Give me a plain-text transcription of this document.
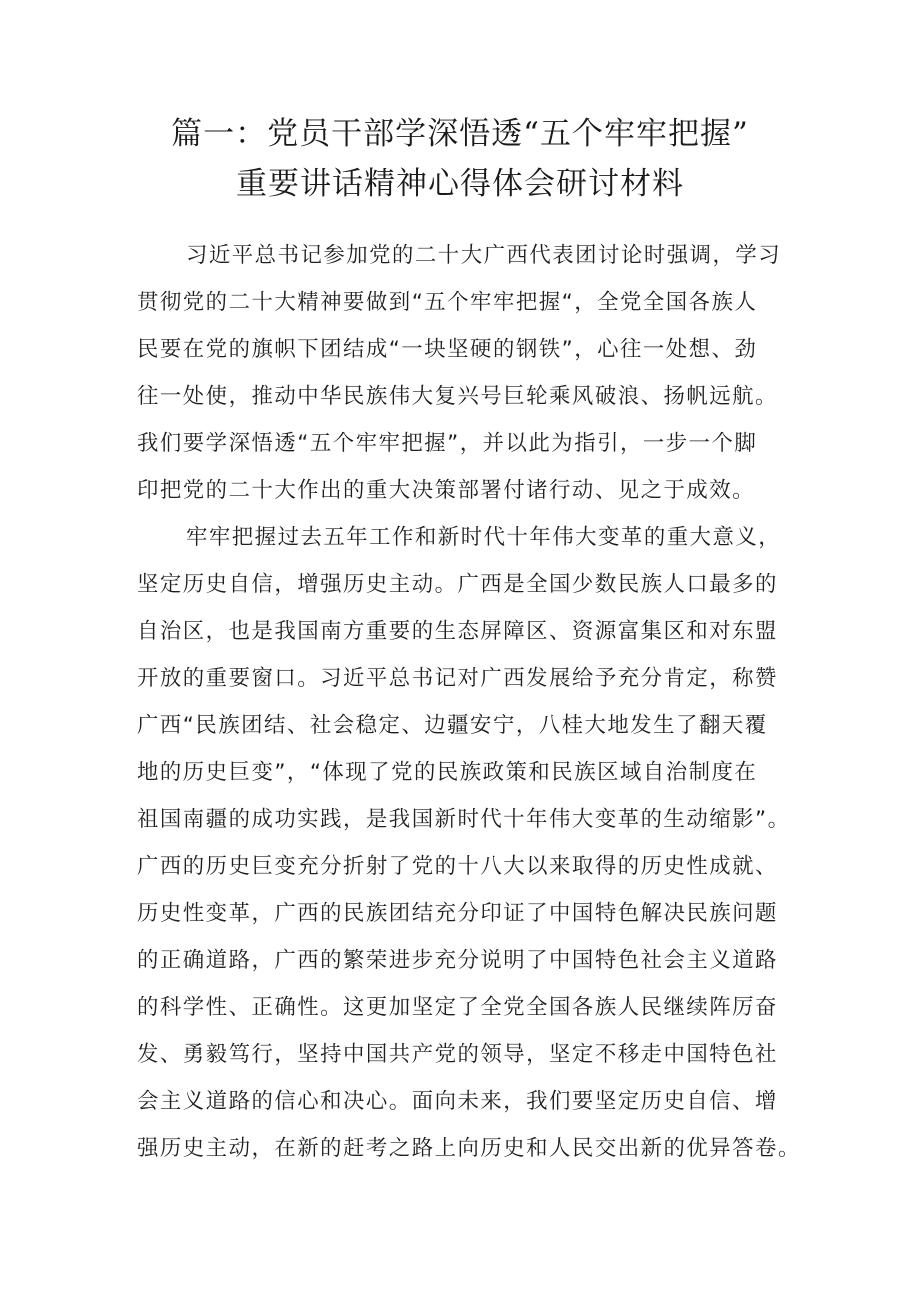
篇一：党员干部学深悟透“五个牢牢把握”
重要讲话精神心得体会研讨材料
习近平总书记参加党的二十大广西代表团讨论时强调，学习
贯彻党的二十大精神要做到“五个牢牢把握“，全党全国各族人
民要在党的旗帜下团结成“一块坚硬的钢铁”，心往一处想、劲
往一处使，推动中华民族伟大复兴号巨轮乘风破浪、扬帆远航。
我们要学深悟透“五个牢牢把握”，并以此为指引，一步一个脚
印把党的二十大作出的重大决策部署付诸行动、见之于成效。
牢牢把握过去五年工作和新时代十年伟大变革的重大意义，
坚定历史自信，增强历史主动。广西是全国少数民族人口最多的
自治区，也是我国南方重要的生态屏障区、资源富集区和对东盟
开放的重要窗口。习近平总书记对广西发展给予充分肯定，称赞
广西“民族团结、社会稳定、边疆安宁，八桂大地发生了翻天覆
地的历史巨变”，“体现了党的民族政策和民族区域自治制度在
祖国南疆的成功实践，是我国新时代十年伟大变革的生动缩影”。
广西的历史巨变充分折射了党的十八大以来取得的历史性成就、
历史性变革，广西的民族团结充分印证了中国特色解决民族问题
的正确道路，广西的繁荣进步充分说明了中国特色社会主义道路
的科学性、正确性。这更加坚定了全党全国各族人民继续阵厉奋
发、勇毅笃行，坚持中国共产党的领导，坚定不移走中国特色社
会主义道路的信心和决心。面向未来，我们要坚定历史自信、增
强历史主动，在新的赶考之路上向历史和人民交出新的优异答卷。
